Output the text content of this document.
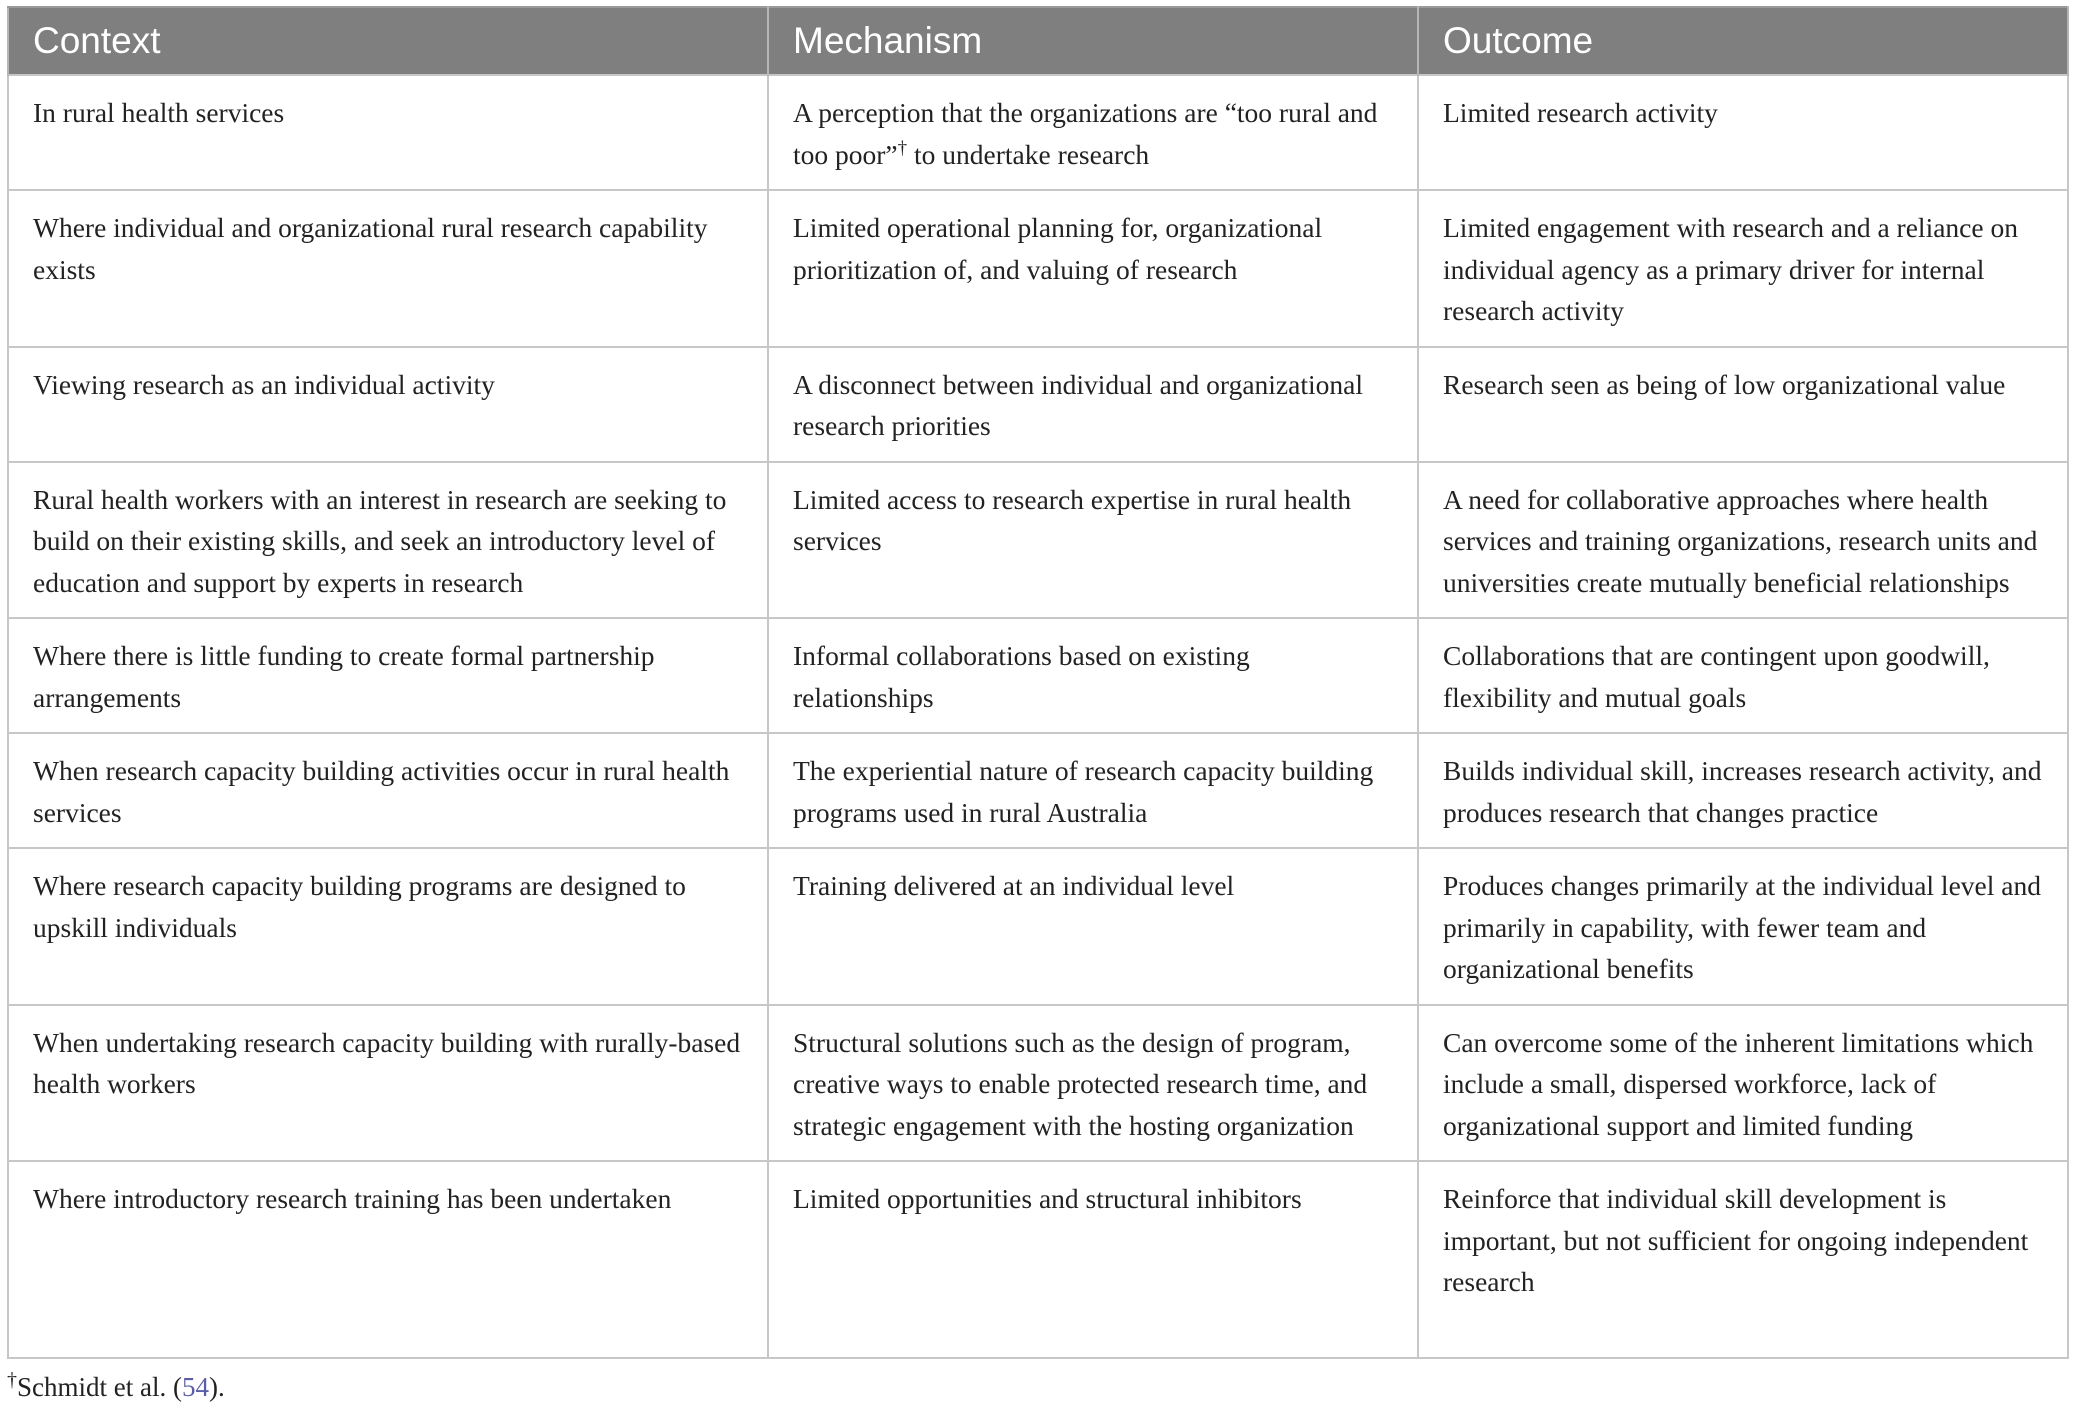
Context	Mechanism	Outcome
In rural health services	A perception that the organizations are “too rural and too poor”† to undertake research	Limited research activity
Where individual and organizational rural research capability exists	Limited operational planning for, organizational prioritization of, and valuing of research	Limited engagement with research and a reliance on individual agency as a primary driver for internal research activity
Viewing research as an individual activity	A disconnect between individual and organizational research priorities	Research seen as being of low organizational value
Rural health workers with an interest in research are seeking to build on their existing skills, and seek an introductory level of education and support by experts in research	Limited access to research expertise in rural health services	A need for collaborative approaches where health services and training organizations, research units and universities create mutually beneficial relationships
Where there is little funding to create formal partnership arrangements	Informal collaborations based on existing relationships	Collaborations that are contingent upon goodwill, flexibility and mutual goals
When research capacity building activities occur in rural health services	The experiential nature of research capacity building programs used in rural Australia	Builds individual skill, increases research activity, and produces research that changes practice
Where research capacity building programs are designed to upskill individuals	Training delivered at an individual level	Produces changes primarily at the individual level and primarily in capability, with fewer team and organizational benefits
When undertaking research capacity building with rurally-based health workers	Structural solutions such as the design of program, creative ways to enable protected research time, and strategic engagement with the hosting organization	Can overcome some of the inherent limitations which include a small, dispersed workforce, lack of organizational support and limited funding
Where introductory research training has been undertaken	Limited opportunities and structural inhibitors	Reinforce that individual skill development is important, but not sufficient for ongoing independent research
†Schmidt et al. (54).
